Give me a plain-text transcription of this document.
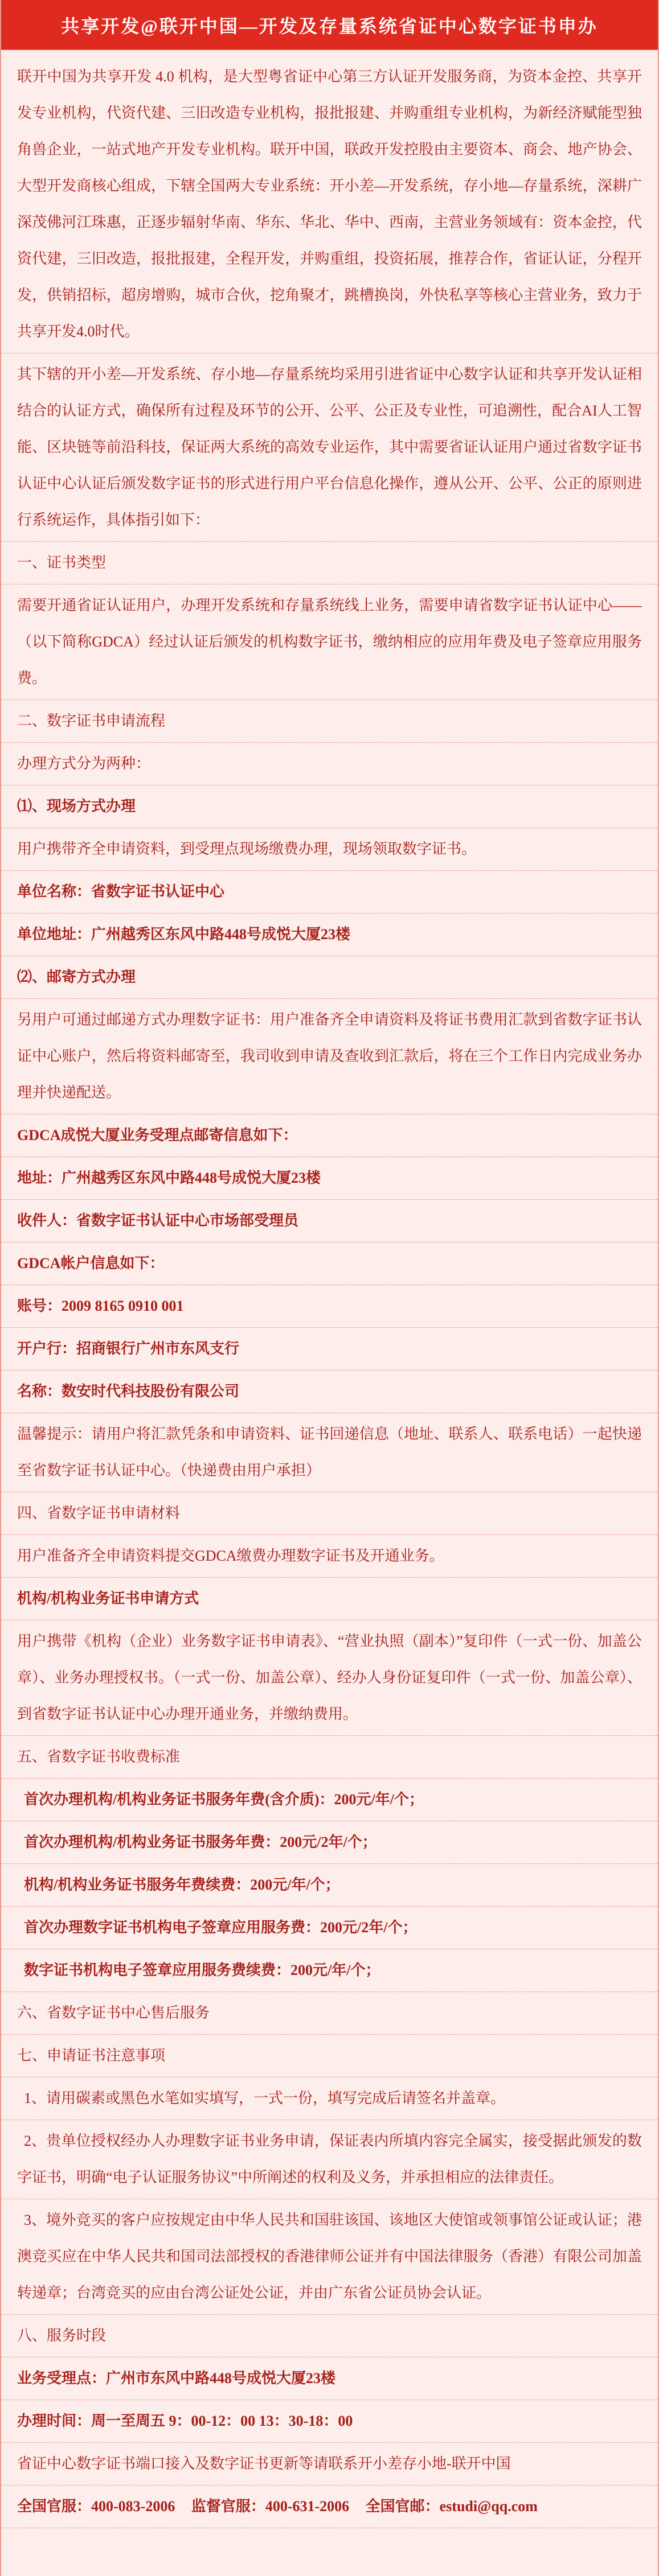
共享开发@联开中国—开发及存量系统省证中心数字证书申办

联开中国为共享开发 4.0 机构，是大型粤省证中心第三方认证开发服务商，为资本金控、共享开发专业机构，代资代建、三旧改造专业机构，报批报建、并购重组专业机构，为新经济赋能型独角兽企业，一站式地产开发专业机构。联开中国，联政开发控股由主要资本、商会、地产协会、大型开发商核心组成，下辖全国两大专业系统：开小差—开发系统，存小地—存量系统，深耕广深茂佛河江珠惠，正逐步辐射华南、华东、华北、华中、西南，主营业务领域有：资本金控，代资代建，三旧改造，报批报建，全程开发，并购重组，投资拓展，推荐合作，省证认证，分程开发，供销招标，超房增购，城市合伙，挖角聚才，跳槽换岗，外快私享等核心主营业务，致力于共享开发4.0时代。

其下辖的开小差—开发系统、存小地—存量系统均采用引进省证中心数字认证和共享开发认证相结合的认证方式，确保所有过程及环节的公开、公平、公正及专业性，可追溯性，配合AI人工智能、区块链等前沿科技，保证两大系统的高效专业运作，其中需要省证认证用户通过省数字证书认证中心认证后颁发数字证书的形式进行用户平台信息化操作，遵从公开、公平、公正的原则进行系统运作，具体指引如下：

一、证书类型

需要开通省证认证用户，办理开发系统和存量系统线上业务，需要申请省数字证书认证中心——（以下简称GDCA）经过认证后颁发的机构数字证书，缴纳相应的应用年费及电子签章应用服务费。

二、数字证书申请流程

办理方式分为两种：

⑴、现场方式办理

用户携带齐全申请资料，到受理点现场缴费办理，现场领取数字证书。

单位名称：省数字证书认证中心

单位地址：广州越秀区东风中路448号成悦大厦23楼

⑵、邮寄方式办理

另用户可通过邮递方式办理数字证书：用户准备齐全申请资料及将证书费用汇款到省数字证书认证中心账户，然后将资料邮寄至，我司收到申请及查收到汇款后，将在三个工作日内完成业务办理并快递配送。

GDCA成悦大厦业务受理点邮寄信息如下：

地址：广州越秀区东风中路448号成悦大厦23楼

收件人：省数字证书认证中心市场部受理员

GDCA帐户信息如下：

账号：2009 8165 0910 001

开户行：招商银行广州市东风支行

名称：数安时代科技股份有限公司

温馨提示：请用户将汇款凭条和申请资料、证书回递信息（地址、联系人、联系电话）一起快递至省数字证书认证中心。（快递费由用户承担）

四、省数字证书申请材料

用户准备齐全申请资料提交GDCA缴费办理数字证书及开通业务。

机构/机构业务证书申请方式

用户携带《机构（企业）业务数字证书申请表》、“营业执照（副本）”复印件（一式一份、加盖公章）、业务办理授权书。（一式一份、加盖公章）、经办人身份证复印件（一式一份、加盖公章）、到省数字证书认证中心办理开通业务，并缴纳费用。

五、省数字证书收费标准

首次办理机构/机构业务证书服务年费(含介质)：200元/年/个；

首次办理机构/机构业务证书服务年费：200元/2年/个；

机构/机构业务证书服务年费续费：200元/年/个；

首次办理数字证书机构电子签章应用服务费：200元/2年/个；

数字证书机构电子签章应用服务费续费：200元/年/个；

六、省数字证书中心售后服务

七、申请证书注意事项

1、请用碳素或黑色水笔如实填写，一式一份，填写完成后请签名并盖章。

2、贵单位授权经办人办理数字证书业务申请，保证表内所填内容完全属实，接受据此颁发的数字证书，明确“电子认证服务协议”中所阐述的权利及义务，并承担相应的法律责任。

3、境外竞买的客户应按规定由中华人民共和国驻该国、该地区大使馆或领事馆公证或认证；港澳竞买应在中华人民共和国司法部授权的香港律师公证并有中国法律服务（香港）有限公司加盖转递章；台湾竞买的应由台湾公证处公证，并由广东省公证员协会认证。

八、服务时段

业务受理点：广州市东风中路448号成悦大厦23楼

办理时间：周一至周五 9：00-12：00 13：30-18：00

省证中心数字证书端口接入及数字证书更新等请联系开小差存小地-联开中国

全国官服：400-083-2006 监督官服：400-631-2006 全国官邮：estudi@qq.com
